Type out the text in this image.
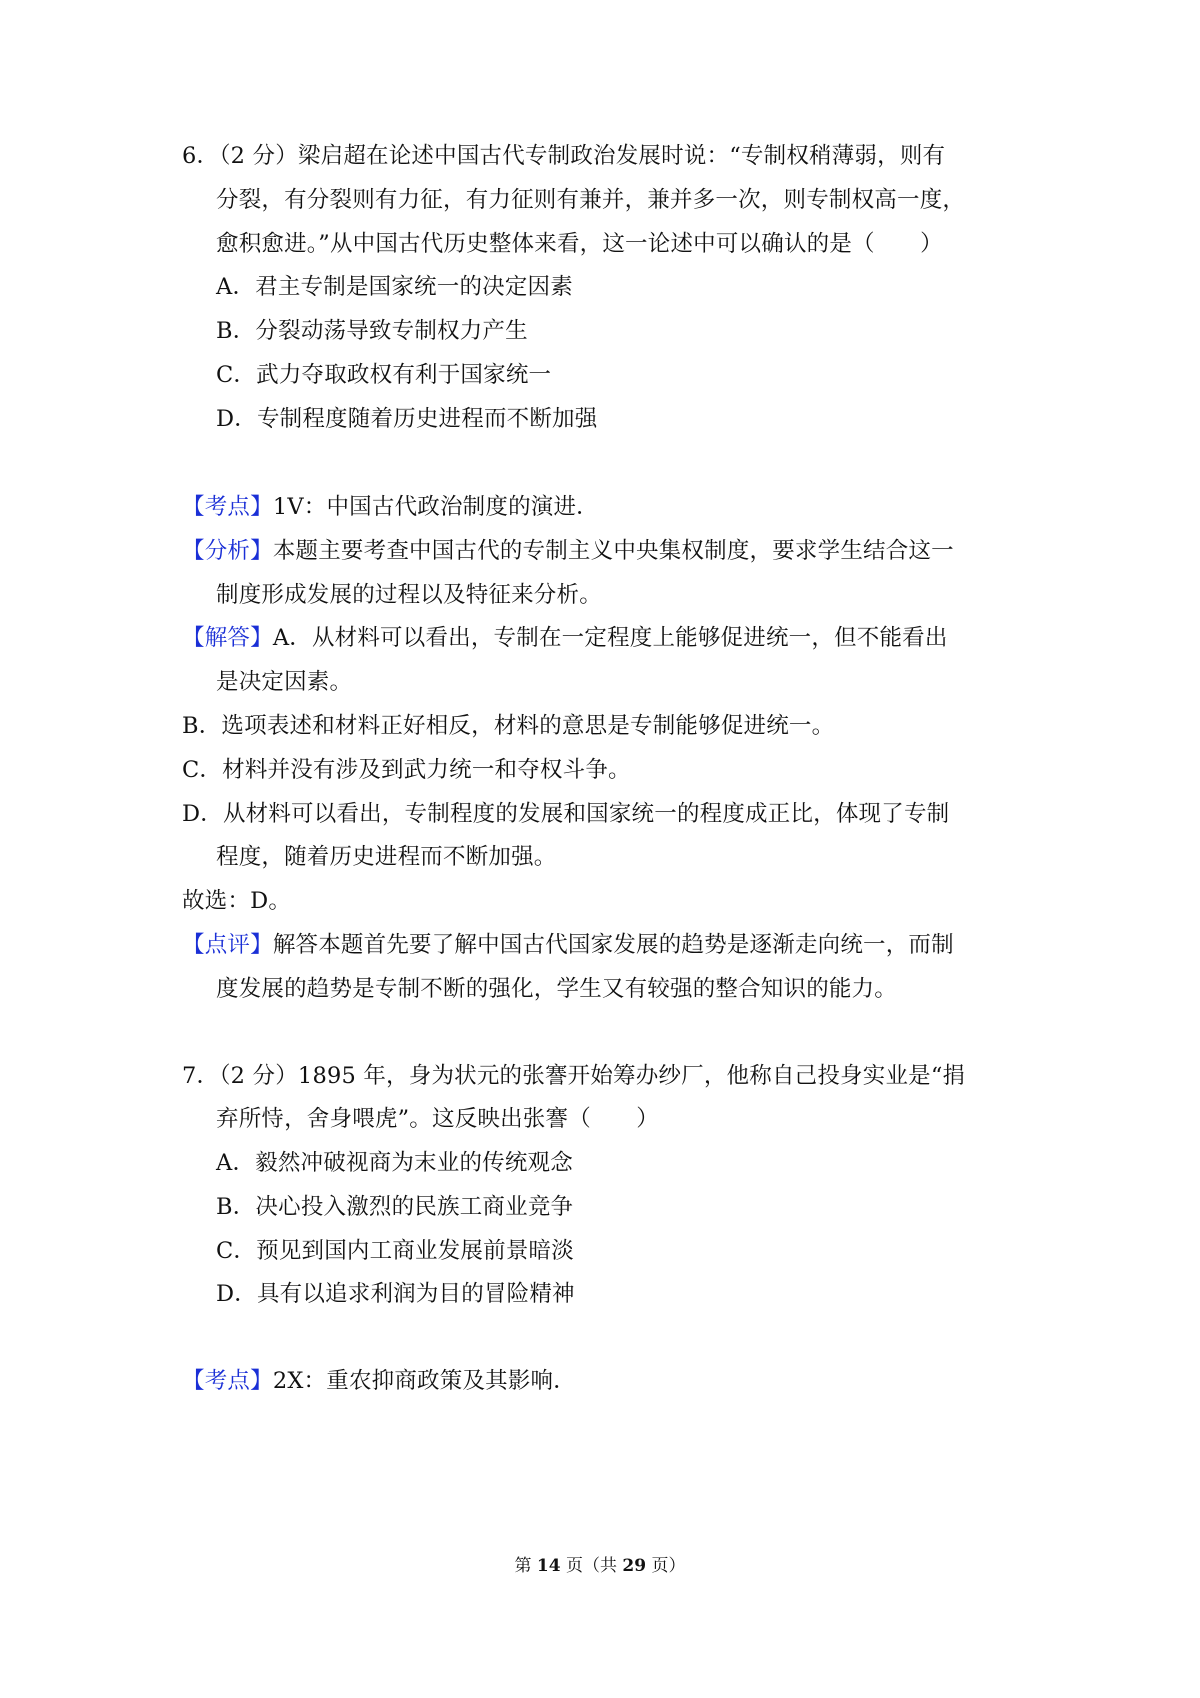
6．（2 分）梁启超在论述中国古代专制政治发展时说：“专制权稍薄弱，则有
分裂，有分裂则有力征，有力征则有兼并，兼并多一次，则专制权高一度，
愈积愈进。”从中国古代历史整体来看，这一论述中可以确认的是（　　）
A．君主专制是国家统一的决定因素
B．分裂动荡导致专制权力产生
C．武力夺取政权有利于国家统一
D．专制程度随着历史进程而不断加强
【考点】1V：中国古代政治制度的演进．
【分析】本题主要考查中国古代的专制主义中央集权制度，要求学生结合这一
制度形成发展的过程以及特征来分析。
【解答】A．从材料可以看出，专制在一定程度上能够促进统一，但不能看出
是决定因素。
B．选项表述和材料正好相反，材料的意思是专制能够促进统一。
C．材料并没有涉及到武力统一和夺权斗争。
D．从材料可以看出，专制程度的发展和国家统一的程度成正比，体现了专制
程度，随着历史进程而不断加强。
故选：D。
【点评】解答本题首先要了解中国古代国家发展的趋势是逐渐走向统一，而制
度发展的趋势是专制不断的强化，学生又有较强的整合知识的能力。
7．（2 分）1895 年，身为状元的张謇开始筹办纱厂，他称自己投身实业是“捐
弃所恃，舍身喂虎”。这反映出张謇（　　）
A．毅然冲破视商为末业的传统观念
B．决心投入激烈的民族工商业竞争
C．预见到国内工商业发展前景暗淡
D．具有以追求利润为目的冒险精神
【考点】2X：重农抑商政策及其影响．
第 14 页（共 29 页）
